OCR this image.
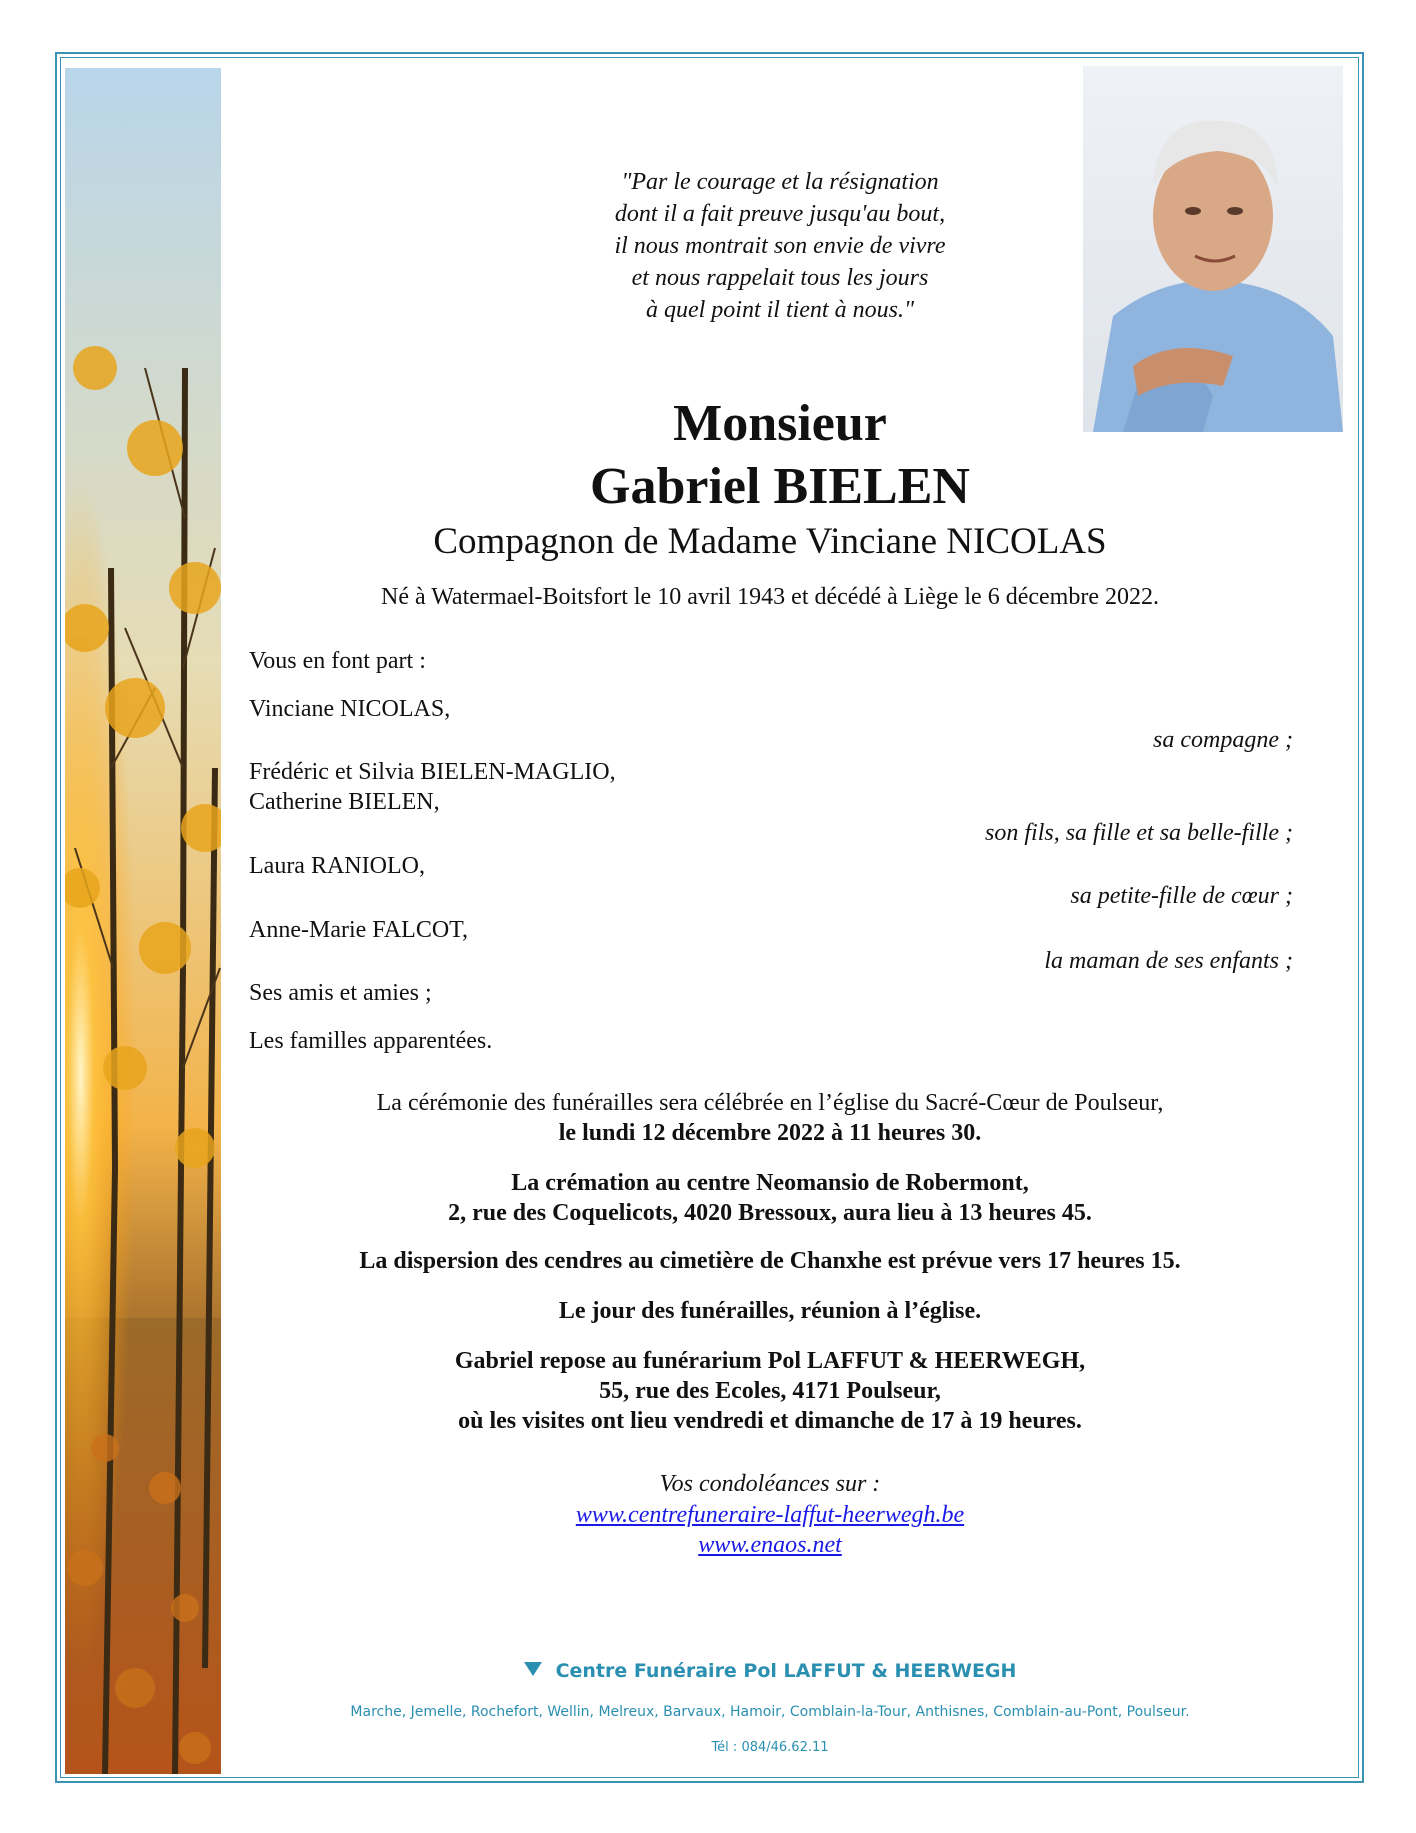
"Par le courage et la résignation
dont il a fait preuve jusqu'au bout,
il nous montrait son envie de vivre
et nous rappelait tous les jours
à quel point il tient à nous."
Monsieur
Gabriel BIELEN
Compagnon de Madame Vinciane NICOLAS
Né à Watermael-Boitsfort le 10 avril 1943 et décédé à Liège le 6 décembre 2022.
Vous en font part :
Vinciane NICOLAS,
sa compagne ;
Frédéric et Silvia BIELEN-MAGLIO,
Catherine BIELEN,
son fils, sa fille et sa belle-fille ;
Laura RANIOLO,
sa petite-fille de cœur ;
Anne-Marie FALCOT,
la maman de ses enfants ;
Ses amis et amies ;
Les familles apparentées.
La cérémonie des funérailles sera célébrée en l’église du Sacré-Cœur de Poulseur,
le lundi 12 décembre 2022 à 11 heures 30.
La crémation au centre Neomansio de Robermont,
2, rue des Coquelicots, 4020 Bressoux, aura lieu à 13 heures 45.
La dispersion des cendres au cimetière de Chanxhe est prévue vers 17 heures 15.
Le jour des funérailles, réunion à l’église.
Gabriel repose au funérarium Pol LAFFUT & HEERWEGH,
55, rue des Ecoles, 4171 Poulseur,
où les visites ont lieu vendredi et dimanche de 17 à 19 heures.
Vos condoléances sur :
www.centrefuneraire-laffut-heerwegh.be
www.enaos.net
Centre Funéraire Pol LAFFUT & HEERWEGH
Marche, Jemelle, Rochefort, Wellin, Melreux, Barvaux, Hamoir, Comblain-la-Tour, Anthisnes, Comblain-au-Pont, Poulseur.
Tél : 084/46.62.11
